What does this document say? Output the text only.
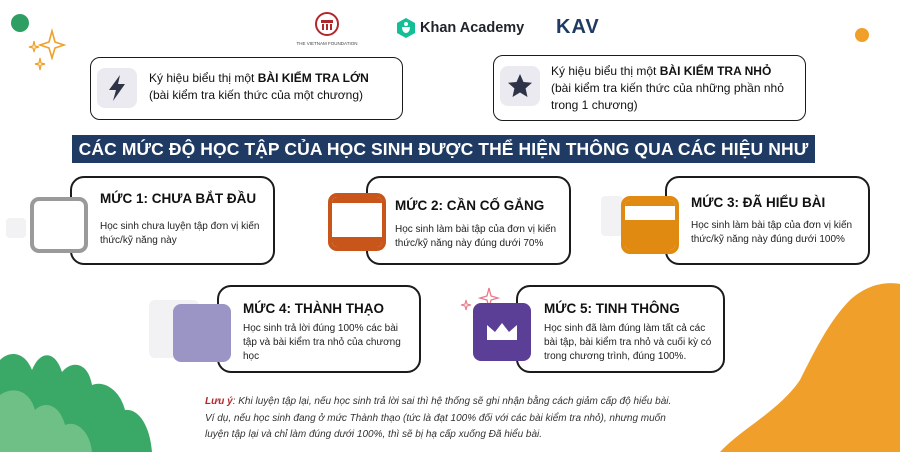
THE VIETNAM FOUNDATION
Khan Academy KAV
Ký hiệu biểu thị một BÀI KIỂM TRA LỚN
(bài kiểm tra kiến thức của một chương)
Ký hiệu biểu thị một BÀI KIỂM TRA NHỎ
(bài kiểm tra kiến thức của những phần nhỏ
trong 1 chương)
CÁC MỨC ĐỘ HỌC TẬP CỦA HỌC SINH ĐƯỢC THỂ HIỆN THÔNG QUA CÁC HIỆU NHƯ
MỨC 1: CHƯA BẮT ĐẦU
Học sinh chưa luyện tập đơn vị kiến
thức/kỹ năng này
MỨC 2: CẦN CỐ GẮNG
Học sinh làm bài tập của đơn vị kiến
thức/kỹ năng này đúng dưới 70%
MỨC 3: ĐÃ HIỂU BÀI
Học sinh làm bài tập của đơn vị kiến
thức/kỹ năng này đúng dưới 100%
MỨC 4: THÀNH THẠO
Học sinh trả lời đúng 100% các bài
tập và bài kiểm tra nhỏ của chương
học
MỨC 5: TINH THÔNG
Học sinh đã làm đúng làm tất cả các
bài tập, bài kiểm tra nhỏ và cuối kỳ có
trong chương trình, đúng 100%.
Lưu ý: Khi luyện tập lại, nếu học sinh trả lời sai thì hệ thống sẽ ghi nhận bằng cách giảm cấp độ hiểu bài.
Ví dụ, nếu học sinh đang ở mức Thành thạo (tức là đạt 100% đối với các bài kiểm tra nhỏ), nhưng muốn
luyện tập lại và chỉ làm đúng dưới 100%, thì sẽ bị hạ cấp xuống Đã hiểu bài.
